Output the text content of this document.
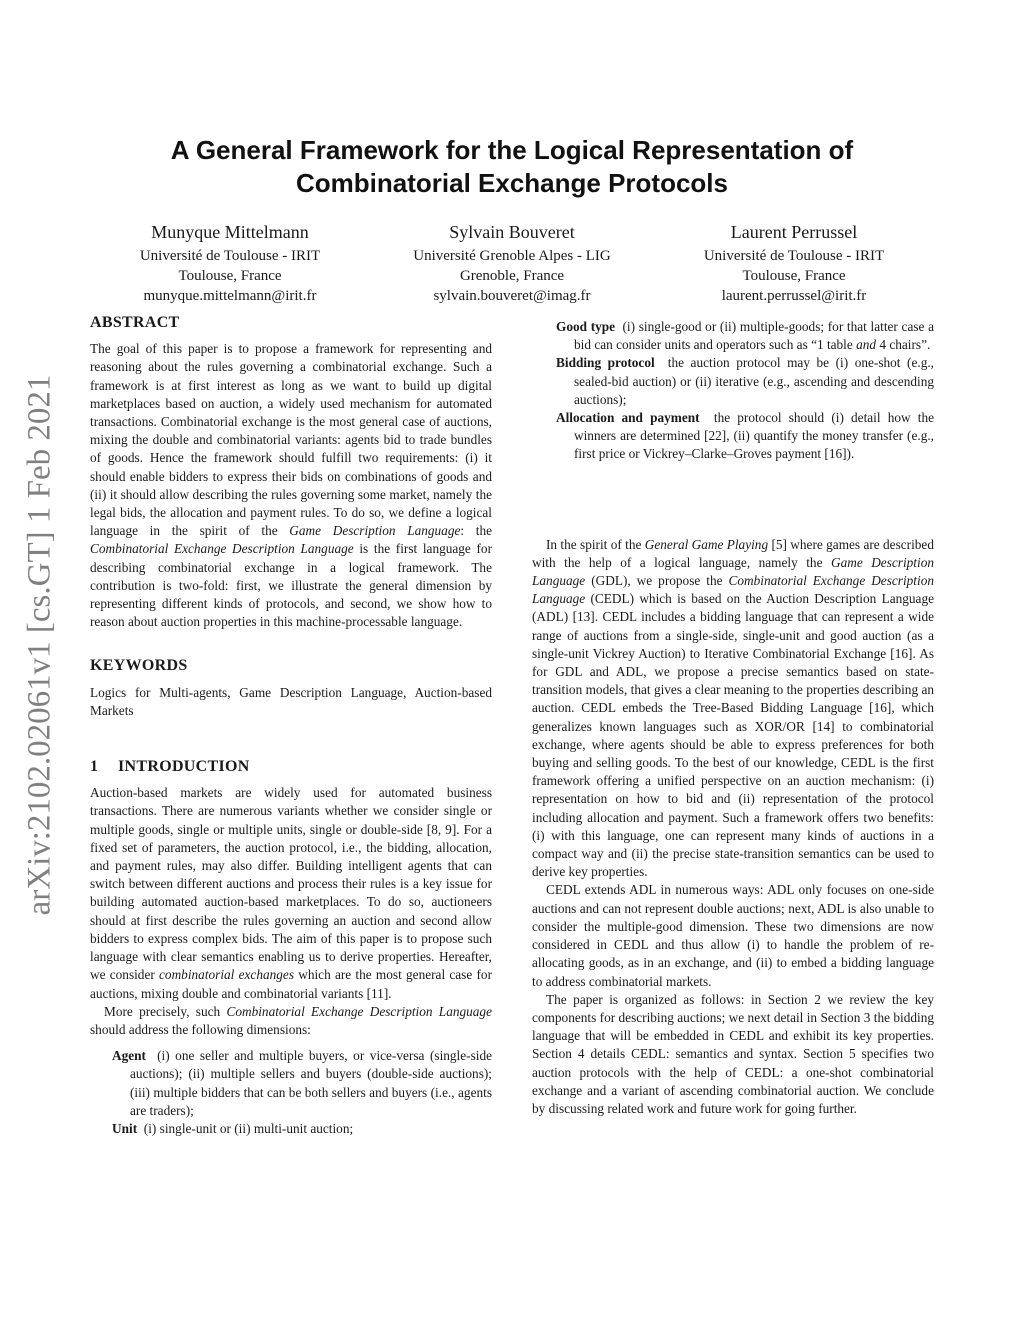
arXiv:2102.02061v1 [cs.GT] 1 Feb 2021
A General Framework for the Logical Representation of Combinatorial Exchange Protocols
Munyque Mittelmann
Université de Toulouse - IRIT
Toulouse, France
munyque.mittelmann@irit.fr
Sylvain Bouveret
Université Grenoble Alpes - LIG
Grenoble, France
sylvain.bouveret@imag.fr
Laurent Perrussel
Université de Toulouse - IRIT
Toulouse, France
laurent.perrussel@irit.fr
ABSTRACT

The goal of this paper is to propose a framework for representing and reasoning about the rules governing a combinatorial exchange. Such a framework is at first interest as long as we want to build up digital marketplaces based on auction, a widely used mechanism for automated transactions. Combinatorial exchange is the most general case of auctions, mixing the double and combinatorial variants: agents bid to trade bundles of goods. Hence the framework should fulfill two requirements: (i) it should enable bidders to express their bids on combinations of goods and (ii) it should allow describing the rules governing some market, namely the legal bids, the allocation and payment rules. To do so, we define a logical language in the spirit of the Game Description Language: the Combinatorial Exchange Description Language is the first language for describing combinatorial exchange in a logical framework. The contribution is two-fold: first, we illustrate the general dimension by representing different kinds of protocols, and second, we show how to reason about auction properties in this machine-processable language.

KEYWORDS

Logics for Multi-agents, Game Description Language, Auction-based Markets

1 INTRODUCTION

Auction-based markets are widely used for automated business transactions. There are numerous variants whether we consider single or multiple goods, single or multiple units, single or double-side [8, 9]. For a fixed set of parameters, the auction protocol, i.e., the bidding, allocation, and payment rules, may also differ. Building intelligent agents that can switch between different auctions and process their rules is a key issue for building automated auction-based marketplaces. To do so, auctioneers should at first describe the rules governing an auction and second allow bidders to express complex bids. The aim of this paper is to propose such language with clear semantics enabling us to derive properties. Hereafter, we consider combinatorial exchanges which are the most general case for auctions, mixing double and combinatorial variants [11].

More precisely, such Combinatorial Exchange Description Language should address the following dimensions:

Agent (i) one seller and multiple buyers, or vice-versa (single-side auctions); (ii) multiple sellers and buyers (double-side auctions); (iii) multiple bidders that can be both sellers and buyers (i.e., agents are traders);
Unit (i) single-unit or (ii) multi-unit auction;
Good type (i) single-good or (ii) multiple-goods; for that latter case a bid can consider units and operators such as “1 table and 4 chairs”.
Bidding protocol the auction protocol may be (i) one-shot (e.g., sealed-bid auction) or (ii) iterative (e.g., ascending and descending auctions);
Allocation and payment the protocol should (i) detail how the winners are determined [22], (ii) quantify the money transfer (e.g., first price or Vickrey–Clarke–Groves payment [16]).

In the spirit of the General Game Playing [5] where games are described with the help of a logical language, namely the Game Description Language (GDL), we propose the Combinatorial Exchange Description Language (CEDL) which is based on the Auction Description Language (ADL) [13]. CEDL includes a bidding language that can represent a wide range of auctions from a single-side, single-unit and good auction (as a single-unit Vickrey Auction) to Iterative Combinatorial Exchange [16]. As for GDL and ADL, we propose a precise semantics based on state-transition models, that gives a clear meaning to the properties describing an auction. CEDL embeds the Tree-Based Bidding Language [16], which generalizes known languages such as XOR/OR [14] to combinatorial exchange, where agents should be able to express preferences for both buying and selling goods. To the best of our knowledge, CEDL is the first framework offering a unified perspective on an auction mechanism: (i) representation on how to bid and (ii) representation of the protocol including allocation and payment. Such a framework offers two benefits: (i) with this language, one can represent many kinds of auctions in a compact way and (ii) the precise state-transition semantics can be used to derive key properties.

CEDL extends ADL in numerous ways: ADL only focuses on one-side auctions and can not represent double auctions; next, ADL is also unable to consider the multiple-good dimension. These two dimensions are now considered in CEDL and thus allow (i) to handle the problem of re-allocating goods, as in an exchange, and (ii) to embed a bidding language to address combinatorial markets.

The paper is organized as follows: in Section 2 we review the key components for describing auctions; we next detail in Section 3 the bidding language that will be embedded in CEDL and exhibit its key properties. Section 4 details CEDL: semantics and syntax. Section 5 specifies two auction protocols with the help of CEDL: a one-shot combinatorial exchange and a variant of ascending combinatorial auction. We conclude by discussing related work and future work for going further.
